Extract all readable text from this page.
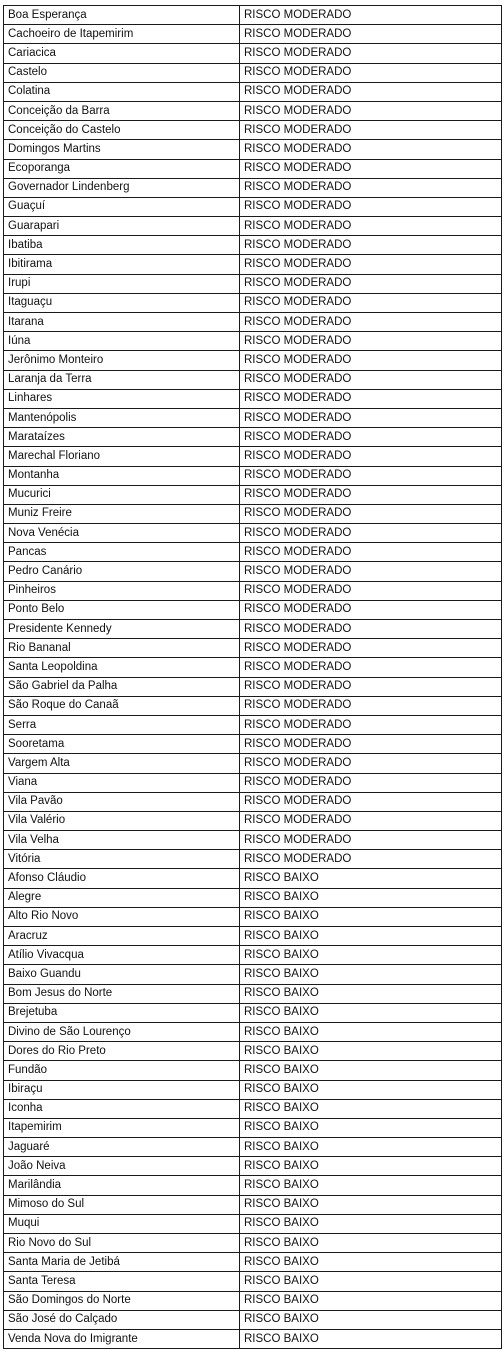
Boa Esperança	RISCO MODERADO
Cachoeiro de Itapemirim	RISCO MODERADO
Cariacica	RISCO MODERADO
Castelo	RISCO MODERADO
Colatina	RISCO MODERADO
Conceição da Barra	RISCO MODERADO
Conceição do Castelo	RISCO MODERADO
Domingos Martins	RISCO MODERADO
Ecoporanga	RISCO MODERADO
Governador Lindenberg	RISCO MODERADO
Guaçuí	RISCO MODERADO
Guarapari	RISCO MODERADO
Ibatiba	RISCO MODERADO
Ibitirama	RISCO MODERADO
Irupi	RISCO MODERADO
Itaguaçu	RISCO MODERADO
Itarana	RISCO MODERADO
Iúna	RISCO MODERADO
Jerônimo Monteiro	RISCO MODERADO
Laranja da Terra	RISCO MODERADO
Linhares	RISCO MODERADO
Mantenópolis	RISCO MODERADO
Marataízes	RISCO MODERADO
Marechal Floriano	RISCO MODERADO
Montanha	RISCO MODERADO
Mucurici	RISCO MODERADO
Muniz Freire	RISCO MODERADO
Nova Venécia	RISCO MODERADO
Pancas	RISCO MODERADO
Pedro Canário	RISCO MODERADO
Pinheiros	RISCO MODERADO
Ponto Belo	RISCO MODERADO
Presidente Kennedy	RISCO MODERADO
Rio Bananal	RISCO MODERADO
Santa Leopoldina	RISCO MODERADO
São Gabriel da Palha	RISCO MODERADO
São Roque do Canaã	RISCO MODERADO
Serra	RISCO MODERADO
Sooretama	RISCO MODERADO
Vargem Alta	RISCO MODERADO
Viana	RISCO MODERADO
Vila Pavão	RISCO MODERADO
Vila Valério	RISCO MODERADO
Vila Velha	RISCO MODERADO
Vitória	RISCO MODERADO
Afonso Cláudio	RISCO BAIXO
Alegre	RISCO BAIXO
Alto Rio Novo	RISCO BAIXO
Aracruz	RISCO BAIXO
Atílio Vivacqua	RISCO BAIXO
Baixo Guandu	RISCO BAIXO
Bom Jesus do Norte	RISCO BAIXO
Brejetuba	RISCO BAIXO
Divino de São Lourenço	RISCO BAIXO
Dores do Rio Preto	RISCO BAIXO
Fundão	RISCO BAIXO
Ibiraçu	RISCO BAIXO
Iconha	RISCO BAIXO
Itapemirim	RISCO BAIXO
Jaguaré	RISCO BAIXO
João Neiva	RISCO BAIXO
Marilândia	RISCO BAIXO
Mimoso do Sul	RISCO BAIXO
Muqui	RISCO BAIXO
Rio Novo do Sul	RISCO BAIXO
Santa Maria de Jetibá	RISCO BAIXO
Santa Teresa	RISCO BAIXO
São Domingos do Norte	RISCO BAIXO
São José do Calçado	RISCO BAIXO
Venda Nova do Imigrante	RISCO BAIXO
